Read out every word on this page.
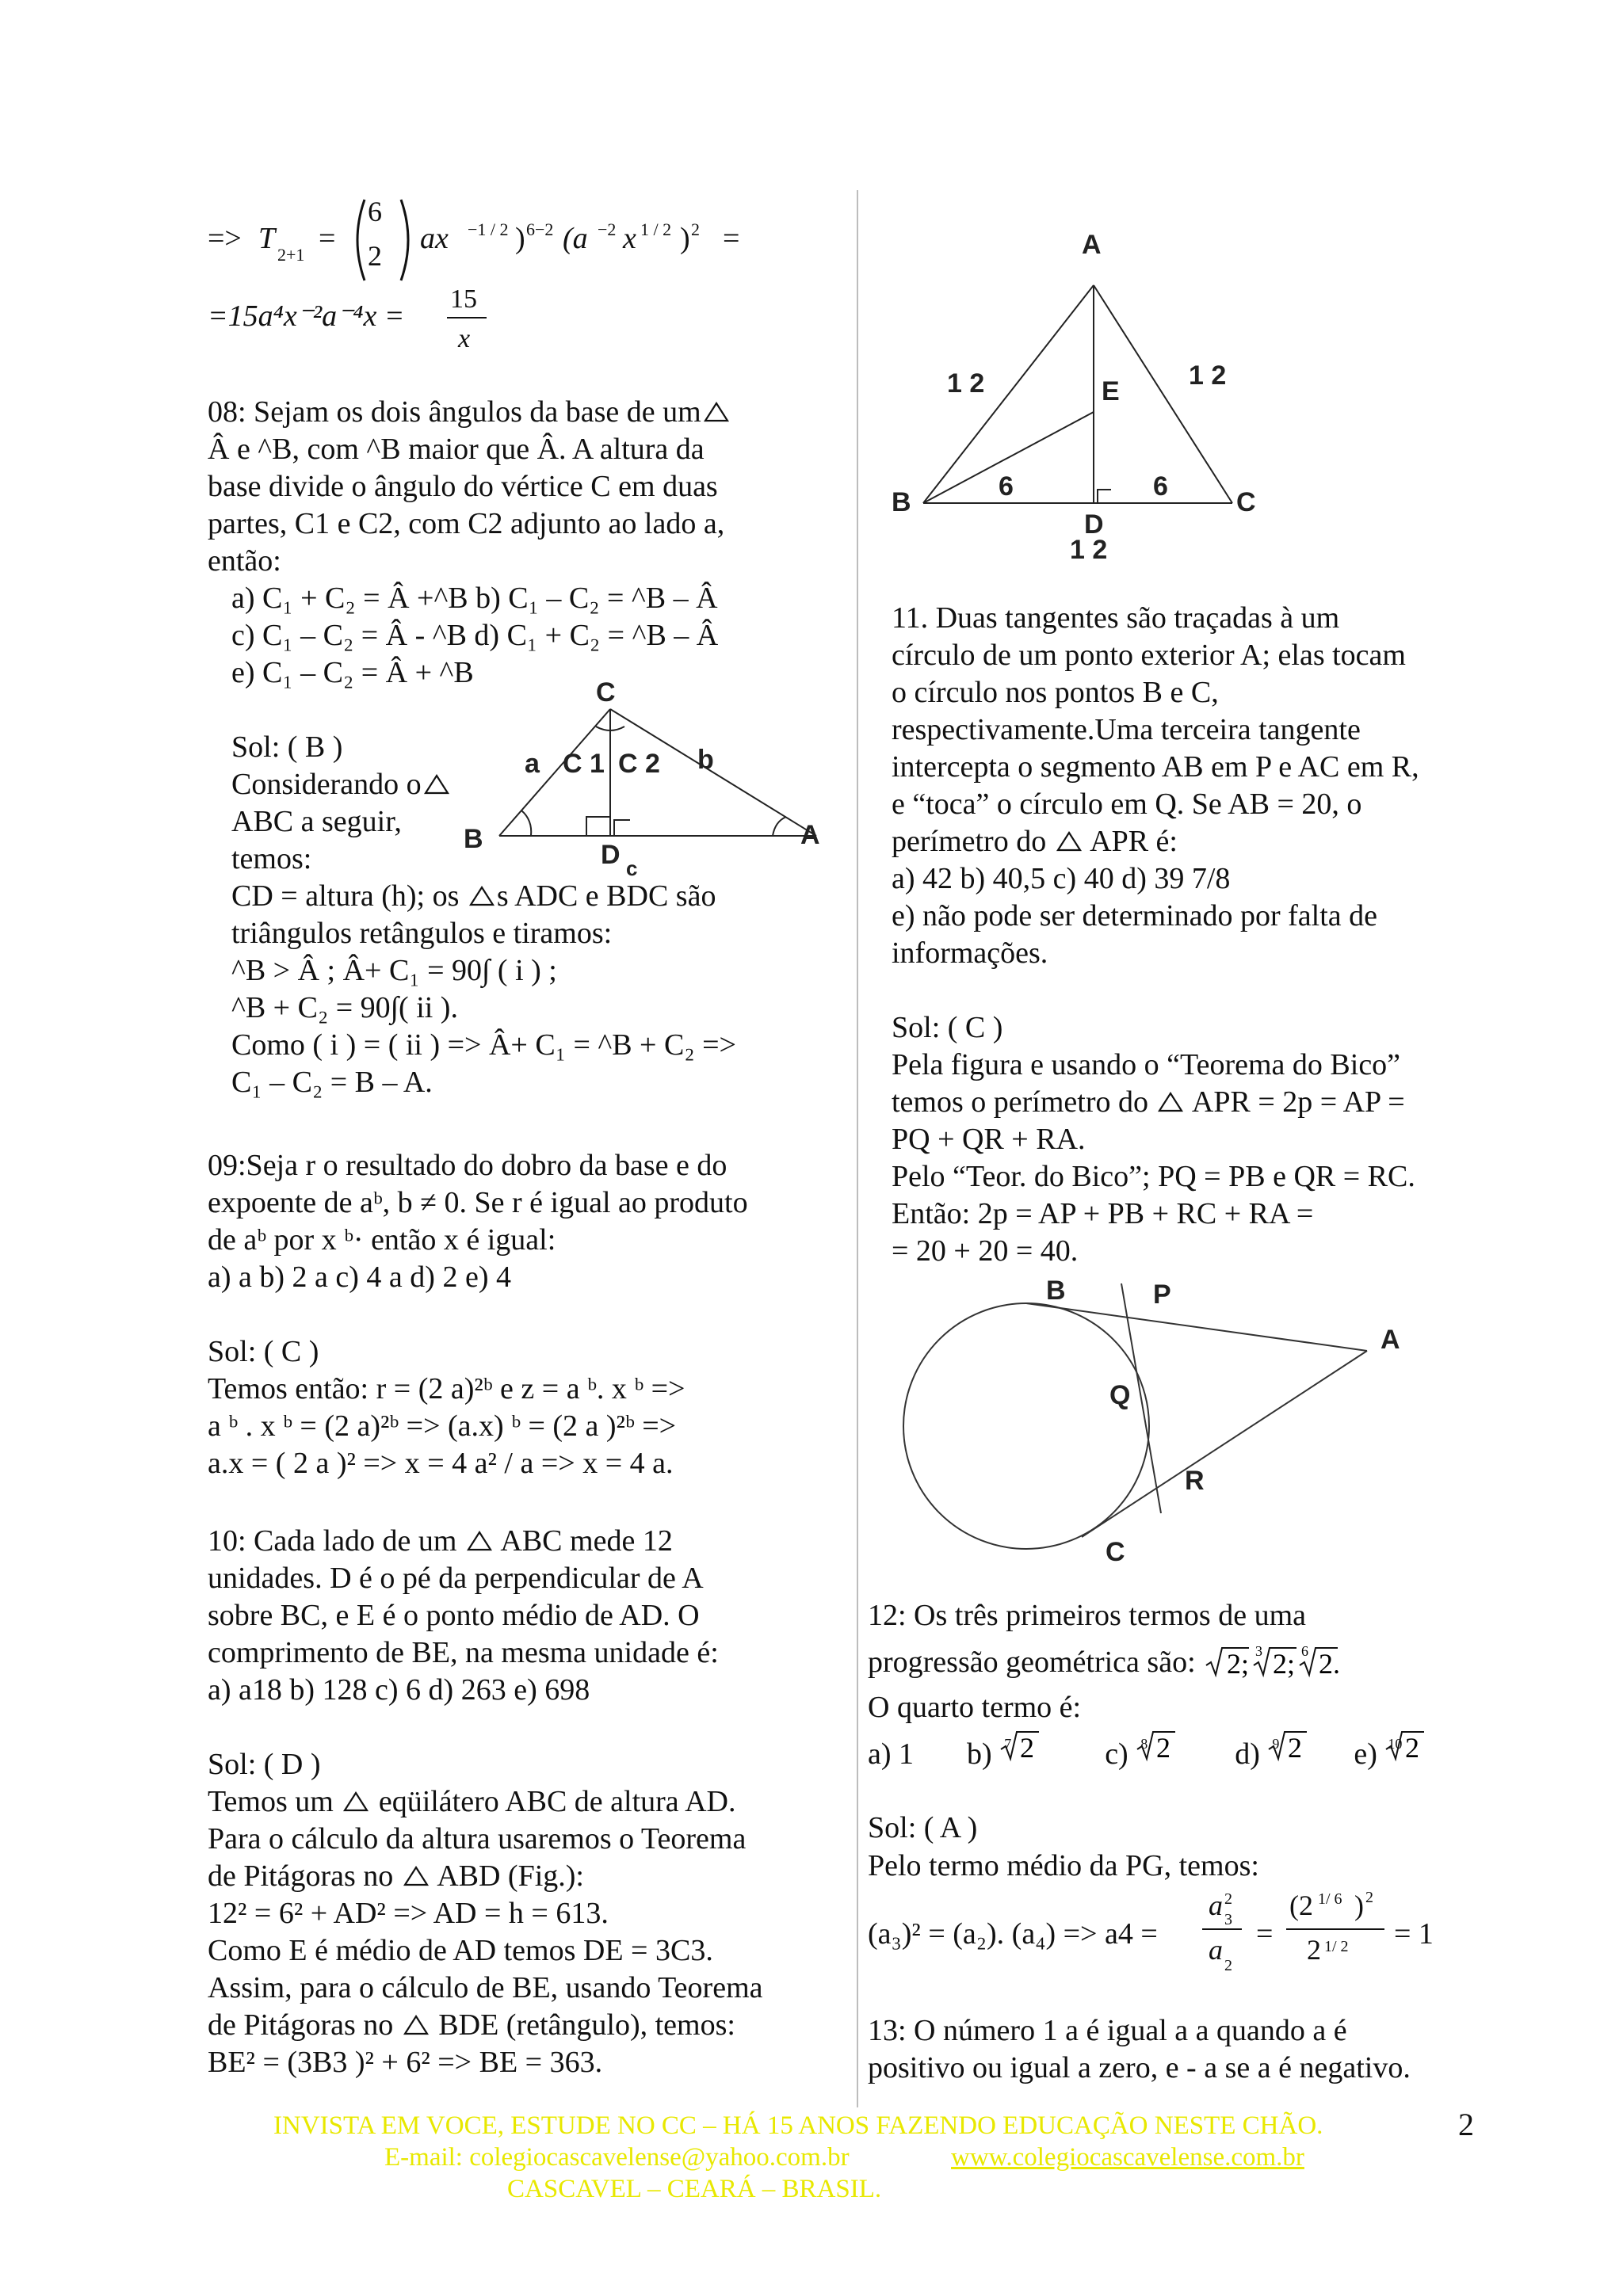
=> T 2+1 =
6
2
ax −1 / 2 ) 6−2 (a −2 x 1 / 2 ) 2 =
=15a⁴x⁻²a⁻⁴x =
15
x
08: Sejam os dois ângulos da base de um
Â e ^B, com ^B maior que Â. A altura da
base divide o ângulo do vértice C em duas
partes, C1 e C2, com C2 adjunto ao lado a,
então:
a) C₁ + C₂ = Â +^B b) C₁ – C₂ = ^B – Â
c) C₁ – C₂ = Â - ^B d) C₁ + C₂ = ^B – Â
e) C₁ – C₂ = Â + ^B
Sol: ( B )
Considerando o
ABC a seguir,
temos:
CD = altura (h); os s ADC e BDC são
triângulos retângulos e tiramos:
^B > Â ; Â+ C₁ = 90∫ ( i ) ;
^B + C₂ = 90∫( ii ).
Como ( i ) = ( ii ) => Â+ C₁ = ^B + C₂ =>
C₁ – C₂ = B – A.
C
B	A
D
a	b
c
C 1 C 2
09:Seja r o resultado do dobro da base e do
expoente de aᵇ, b ≠ 0. Se r é igual ao produto
de aᵇ por x ᵇ· então x é igual:
a) a b) 2 a c) 4 a d) 2 e) 4
Sol: ( C )
Temos então: r = (2 a)²ᵇ e z = a ᵇ. x ᵇ =>
a ᵇ . x ᵇ = (2 a)²ᵇ => (a.x) ᵇ = (2 a )²ᵇ =>
a.x = ( 2 a )² => x = 4 a² / a => x = 4 a.
10: Cada lado de um ABC mede 12
unidades. D é o pé da perpendicular de A
sobre BC, e E é o ponto médio de AD. O
comprimento de BE, na mesma unidade é:
a) a18 b) 128 c) 6 d) 263 e) 698
Sol: ( D )
Temos um eqüilátero ABC de altura AD.
Para o cálculo da altura usaremos o Teorema
de Pitágoras no ABD (Fig.):
12² = 6² + AD² => AD = h = 613.
Como E é médio de AD temos DE = 3C3.
Assim, para o cálculo de BE, usando Teorema
de Pitágoras no BDE (retângulo), temos:
BE² = (3B3 )² + 6² => BE = 363.
A
B	C
D
E
1 2	1 2
6	6
1 2
11. Duas tangentes são traçadas à um
círculo de um ponto exterior A; elas tocam
o círculo nos pontos B e C,
respectivamente.Uma terceira tangente
intercepta o segmento AB em P e AC em R,
e “toca” o círculo em Q. Se AB = 20, o
perímetro do APR é:
a) 42 b) 40,5 c) 40 d) 39 7/8
e) não pode ser determinado por falta de
informações.
Sol: ( C )
Pela figura e usando o “Teorema do Bico”
temos o perímetro do APR = 2p = AP =
PQ + QR + RA.
Pelo “Teor. do Bico”; PQ = PB e QR = RC.
Então: 2p = AP + PB + RC + RA =
= 20 + 20 = 40.
B	P
A
Q
R
C
12: Os três primeiros termos de uma
progressão geométrica são: 2; 3 2; 6 2.
O quarto termo é:
a) 1 b) 7 2 c) 8 2 d) 9 2 e) 10 2
Sol: ( A )
Pelo termo médio da PG, temos:
(a₃)² = (a₂). (a₄) => a4 =
a 2
3
a 2
=
(2 1/ 6 ) 2
2 1/ 2 = 1
13: O número 1 a é igual a a quando a é
positivo ou igual a zero, e - a se a é negativo.
INVISTA EM VOCE, ESTUDE NO CC – HÁ 15 ANOS FAZENDO EDUCAÇÃO NESTE CHÃO.
E-mail: colegiocascavelense@yahoo.com.br	www.colegiocascavelense.com.br
CASCAVEL – CEARÁ – BRASIL.
2
